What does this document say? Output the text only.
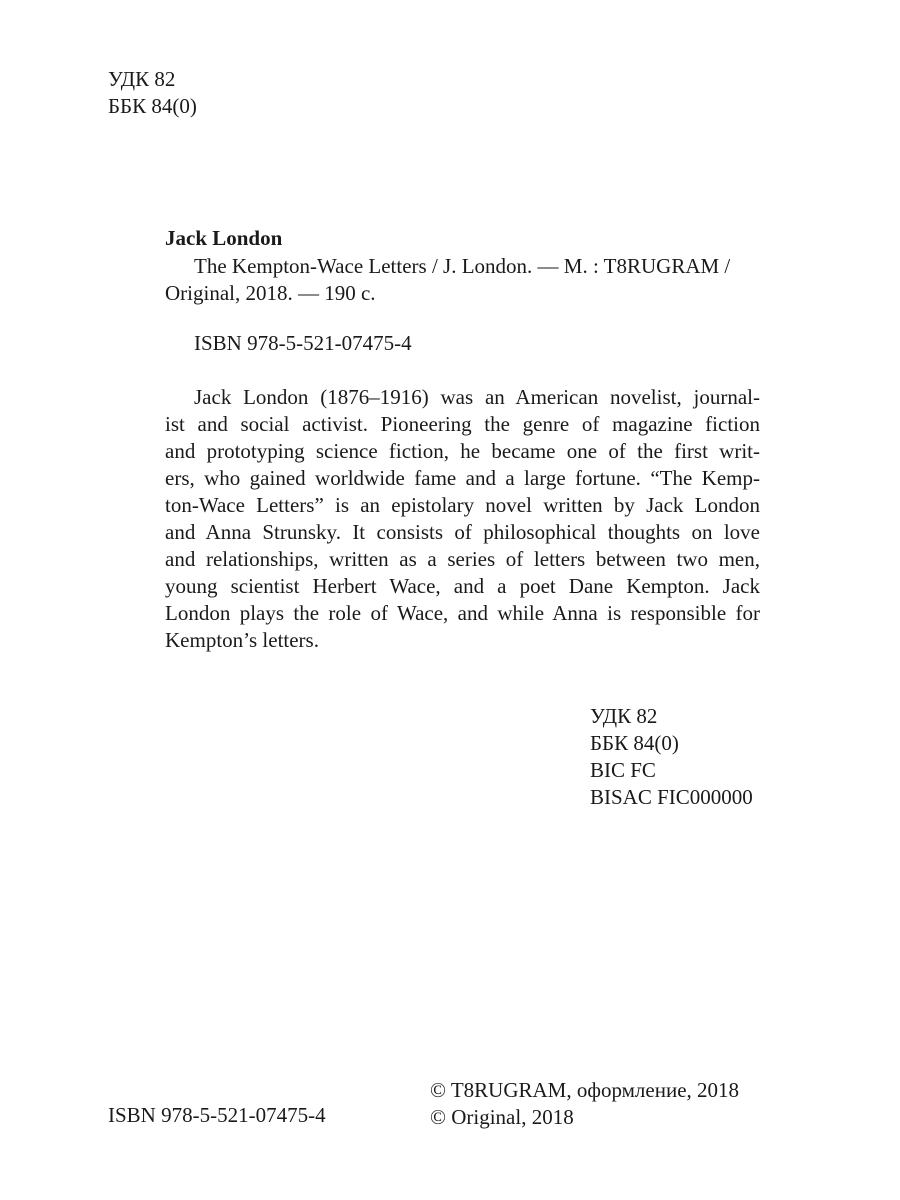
УДК 82
ББК 84(0)
Jack London
The Kempton-Wace Letters / J. London. — M. : T8RUGRAM /
Original, 2018. — 190 c.
ISBN 978-5-521-07475-4
Jack London (1876–1916) was an American novelist, journal-
ist and social activist. Pioneering the genre of magazine fiction
and prototyping science fiction, he became one of the first writ-
ers, who gained worldwide fame and a large fortune. “The Kemp-
ton-Wace Letters” is an epistolary novel written by Jack London
and Anna Strunsky. It consists of philosophical thoughts on love
and relationships, written as a series of letters between two men,
young scientist Herbert Wace, and a poet Dane Kempton. Jack
London plays the role of Wace, and while Anna is responsible for
Kempton’s letters.
УДК 82
ББК 84(0)
BIC FC
BISAC FIC000000
ISBN 978-5-521-07475-4
© T8RUGRAM, оформление, 2018
© Original, 2018
